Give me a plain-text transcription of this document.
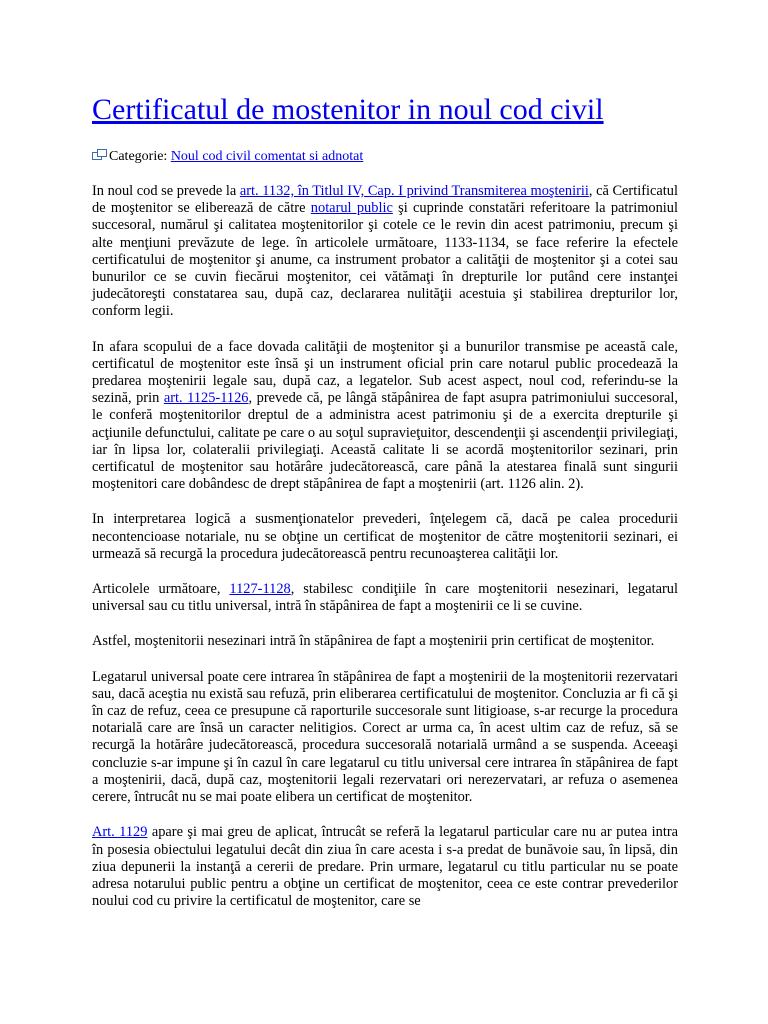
Certificatul de mostenitor in noul cod civil
Categorie: Noul cod civil comentat si adnotat

In noul cod se prevede la art. 1132, în Titlul IV, Cap. I privind Transmiterea moştenirii, că Certificatul de moştenitor se eliberează de către notarul public şi cuprinde constatări referitoare la patrimoniul succesoral, numărul şi calitatea moştenitorilor şi cotele ce le revin din acest patrimoniu, precum şi alte menţiuni prevăzute de lege. în articolele următoare, 1133-1134, se face referire la efectele certificatului de moştenitor şi anume, ca instrument probator a calităţii de moştenitor şi a cotei sau bunurilor ce se cuvin fiecărui moştenitor, cei vătămaţi în drepturile lor putând cere instanţei judecătoreşti constatarea sau, după caz, declararea nulităţii acestuia şi stabilirea drepturilor lor, conform legii.

In afara scopului de a face dovada calităţii de moştenitor şi a bunurilor transmise pe această cale, certificatul de moştenitor este însă şi un instrument oficial prin care notarul public procedează la predarea moştenirii legale sau, după caz, a legatelor. Sub acest aspect, noul cod, referindu-se la sezină, prin art. 1125-1126, prevede că, pe lângă stăpânirea de fapt asupra patrimoniului succesoral, le conferă moştenitorilor dreptul de a administra acest patrimoniu şi de a exercita drepturile şi acţiunile defunctului, calitate pe care o au soţul supravieţuitor, descendenţii şi ascendenţii privilegiaţi, iar în lipsa lor, colateralii privilegiaţi. Această calitate li se acordă moştenitorilor sezinari, prin certificatul de moştenitor sau hotărâre judecătorească, care până la atestarea finală sunt singurii moştenitori care dobândesc de drept stăpânirea de fapt a moştenirii (art. 1126 alin. 2).

In interpretarea logică a susmenţionatelor prevederi, înţelegem că, dacă pe calea procedurii necontencioase notariale, nu se obţine un certificat de moştenitor de către moştenitorii sezinari, ei urmează să recurgă la procedura judecătorească pentru recunoaşterea calităţii lor.

Articolele următoare, 1127-1128, stabilesc condiţiile în care moştenitorii nesezinari, legatarul universal sau cu titlu universal, intră în stăpânirea de fapt a moştenirii ce li se cuvine.

Astfel, moştenitorii nesezinari intră în stăpânirea de fapt a moştenirii prin certificat de moştenitor.

Legatarul universal poate cere intrarea în stăpânirea de fapt a moştenirii de la moştenitorii rezervatari sau, dacă aceştia nu există sau refuză, prin eliberarea certificatului de moştenitor. Concluzia ar fi că şi în caz de refuz, ceea ce presupune că raporturile succesorale sunt litigioase, s-ar recurge la procedura notarială care are însă un caracter nelitigios. Corect ar urma ca, în acest ultim caz de refuz, să se recurgă la hotărâre judecătorească, procedura succesorală notarială urmând a se suspenda. Aceeaşi concluzie s-ar impune şi în cazul în care legatarul cu titlu universal cere intrarea în stăpânirea de fapt a moştenirii, dacă, după caz, moştenitorii legali rezervatari ori nerezervatari, ar refuza o asemenea cerere, întrucât nu se mai poate elibera un certificat de moştenitor.

Art. 1129 apare şi mai greu de aplicat, întrucât se referă la legatarul particular care nu ar putea intra în posesia obiectului legatului decât din ziua în care acesta i s-a predat de bunăvoie sau, în lipsă, din ziua depunerii la instanţă a cererii de predare. Prin urmare, legatarul cu titlu particular nu se poate adresa notarului public pentru a obţine un certificat de moştenitor, ceea ce este contrar prevederilor noului cod cu privire la certificatul de moştenitor, care se
